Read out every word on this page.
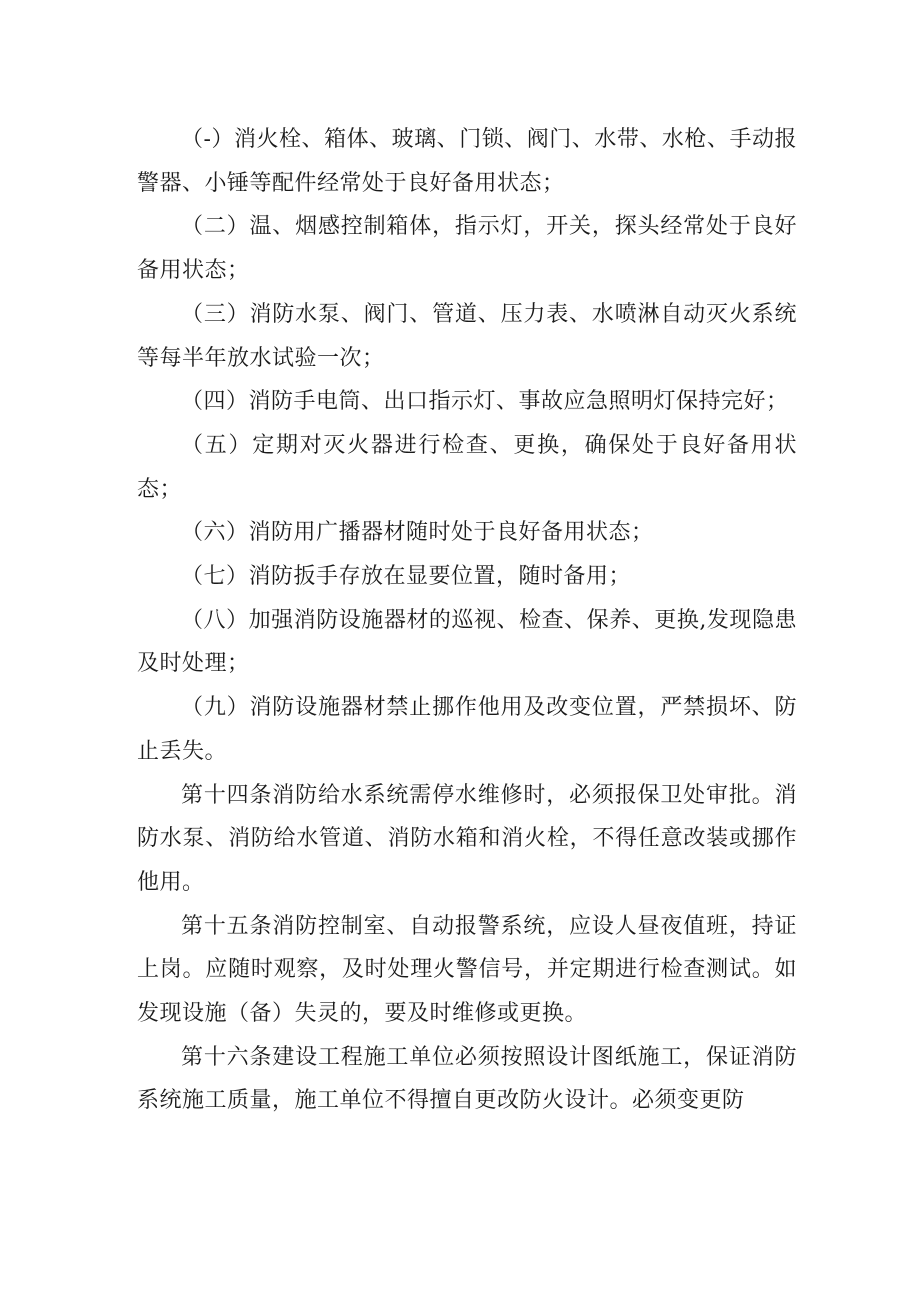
（-）消火栓、箱体、玻璃、门锁、阀门、水带、水枪、手动报警器、小锤等配件经常处于良好备用状态；

（二）温、烟感控制箱体，指示灯，开关，探头经常处于良好备用状态；

（三）消防水泵、阀门、管道、压力表、水喷淋自动灭火系统等每半年放水试验一次；

（四）消防手电筒、出口指示灯、事故应急照明灯保持完好；

（五）定期对灭火器进行检查、更换，确保处于良好备用状态；

（六）消防用广播器材随时处于良好备用状态；

（七）消防扳手存放在显要位置，随时备用；

（八）加强消防设施器材的巡视、检查、保养、更换,发现隐患及时处理；

（九）消防设施器材禁止挪作他用及改变位置，严禁损坏、防止丢失。

第十四条消防给水系统需停水维修时，必须报保卫处审批。消防水泵、消防给水管道、消防水箱和消火栓，不得任意改装或挪作他用。

第十五条消防控制室、自动报警系统，应设人昼夜值班，持证上岗。应随时观察，及时处理火警信号，并定期进行检查测试。如发现设施（备）失灵的，要及时维修或更换。

第十六条建设工程施工单位必须按照设计图纸施工，保证消防系统施工质量，施工单位不得擅自更改防火设计。必须变更防
